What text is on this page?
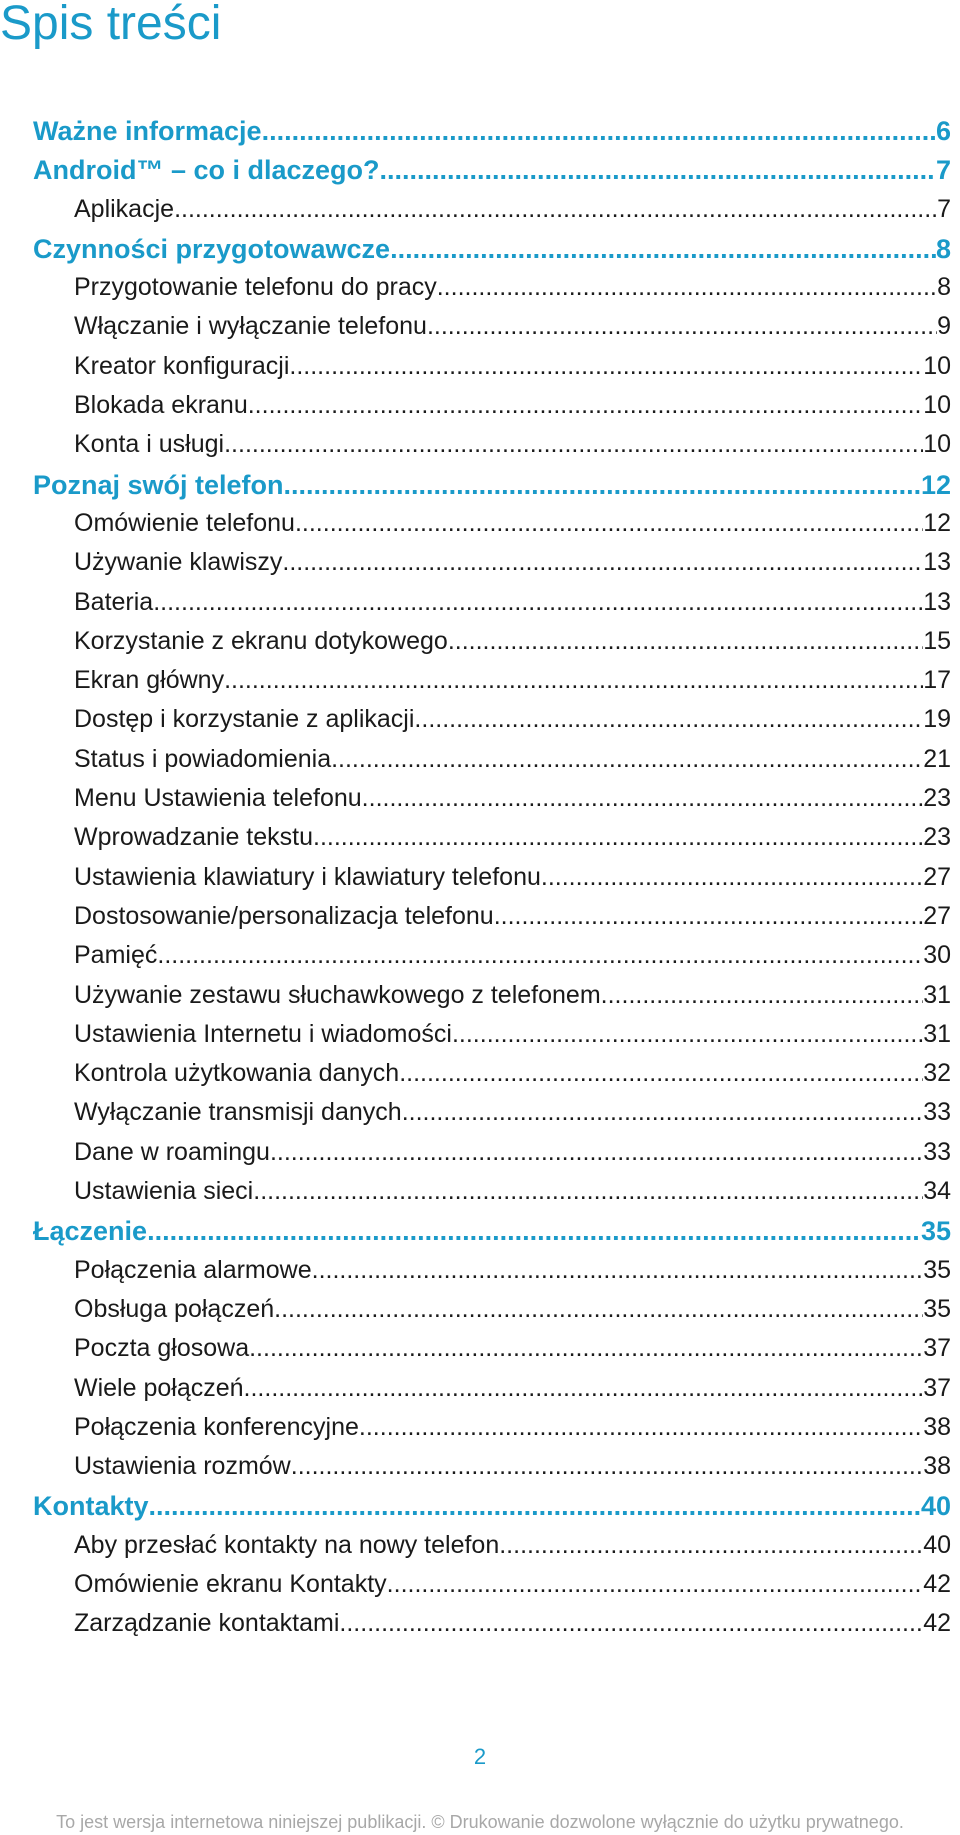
Spis treści
Ważne informacje .....	6
Android™ – co i dlaczego? .....	7
Aplikacje .....	7
Czynności przygotowawcze .....	8
Przygotowanie telefonu do pracy .....	8
Włączanie i wyłączanie telefonu .....	9
Kreator konfiguracji .....	10
Blokada ekranu .....	10
Konta i usługi .....	10
Poznaj swój telefon .....	12
Omówienie telefonu .....	12
Używanie klawiszy .....	13
Bateria .....	13
Korzystanie z ekranu dotykowego .....	15
Ekran główny .....	17
Dostęp i korzystanie z aplikacji .....	19
Status i powiadomienia .....	21
Menu Ustawienia telefonu .....	23
Wprowadzanie tekstu .....	23
Ustawienia klawiatury i klawiatury telefonu .....	27
Dostosowanie/personalizacja telefonu .....	27
Pamięć .....	30
Używanie zestawu słuchawkowego z telefonem .....	31
Ustawienia Internetu i wiadomości .....	31
Kontrola użytkowania danych .....	32
Wyłączanie transmisji danych .....	33
Dane w roamingu .....	33
Ustawienia sieci .....	34
Łączenie .....	35
Połączenia alarmowe .....	35
Obsługa połączeń .....	35
Poczta głosowa .....	37
Wiele połączeń .....	37
Połączenia konferencyjne .....	38
Ustawienia rozmów .....	38
Kontakty .....	40
Aby przesłać kontakty na nowy telefon .....	40
Omówienie ekranu Kontakty .....	42
Zarządzanie kontaktami .....	42
2
To jest wersja internetowa niniejszej publikacji. © Drukowanie dozwolone wyłącznie do użytku prywatnego.
